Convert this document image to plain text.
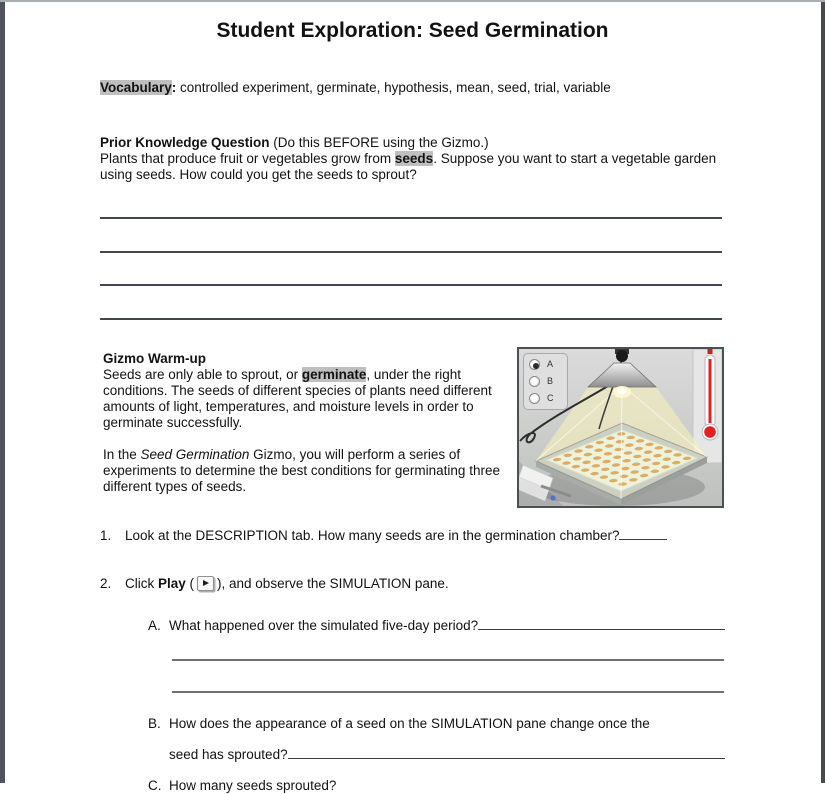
Student Exploration: Seed Germination
Vocabulary: controlled experiment, germinate, hypothesis, mean, seed, trial, variable
Prior Knowledge Question (Do this BEFORE using the Gizmo.)
Plants that produce fruit or vegetables grow from seeds. Suppose you want to start a vegetable garden using seeds. How could you get the seeds to sprout?
Gizmo Warm-up
Seeds are only able to sprout, or germinate, under the right conditions. The seeds of different species of plants need different amounts of light, temperatures, and moisture levels in order to germinate successfully.
In the Seed Germination Gizmo, you will perform a series of experiments to determine the best conditions for germinating three different types of seeds.
A
B
C
1.	Look at the DESCRIPTION tab. How many seeds are in the germination chamber?
2.	Click Play ( ), and observe the SIMULATION pane.
A. What happened over the simulated five-day period?
B. How does the appearance of a seed on the SIMULATION pane change once the
seed has sprouted?
C. How many seeds sprouted?
